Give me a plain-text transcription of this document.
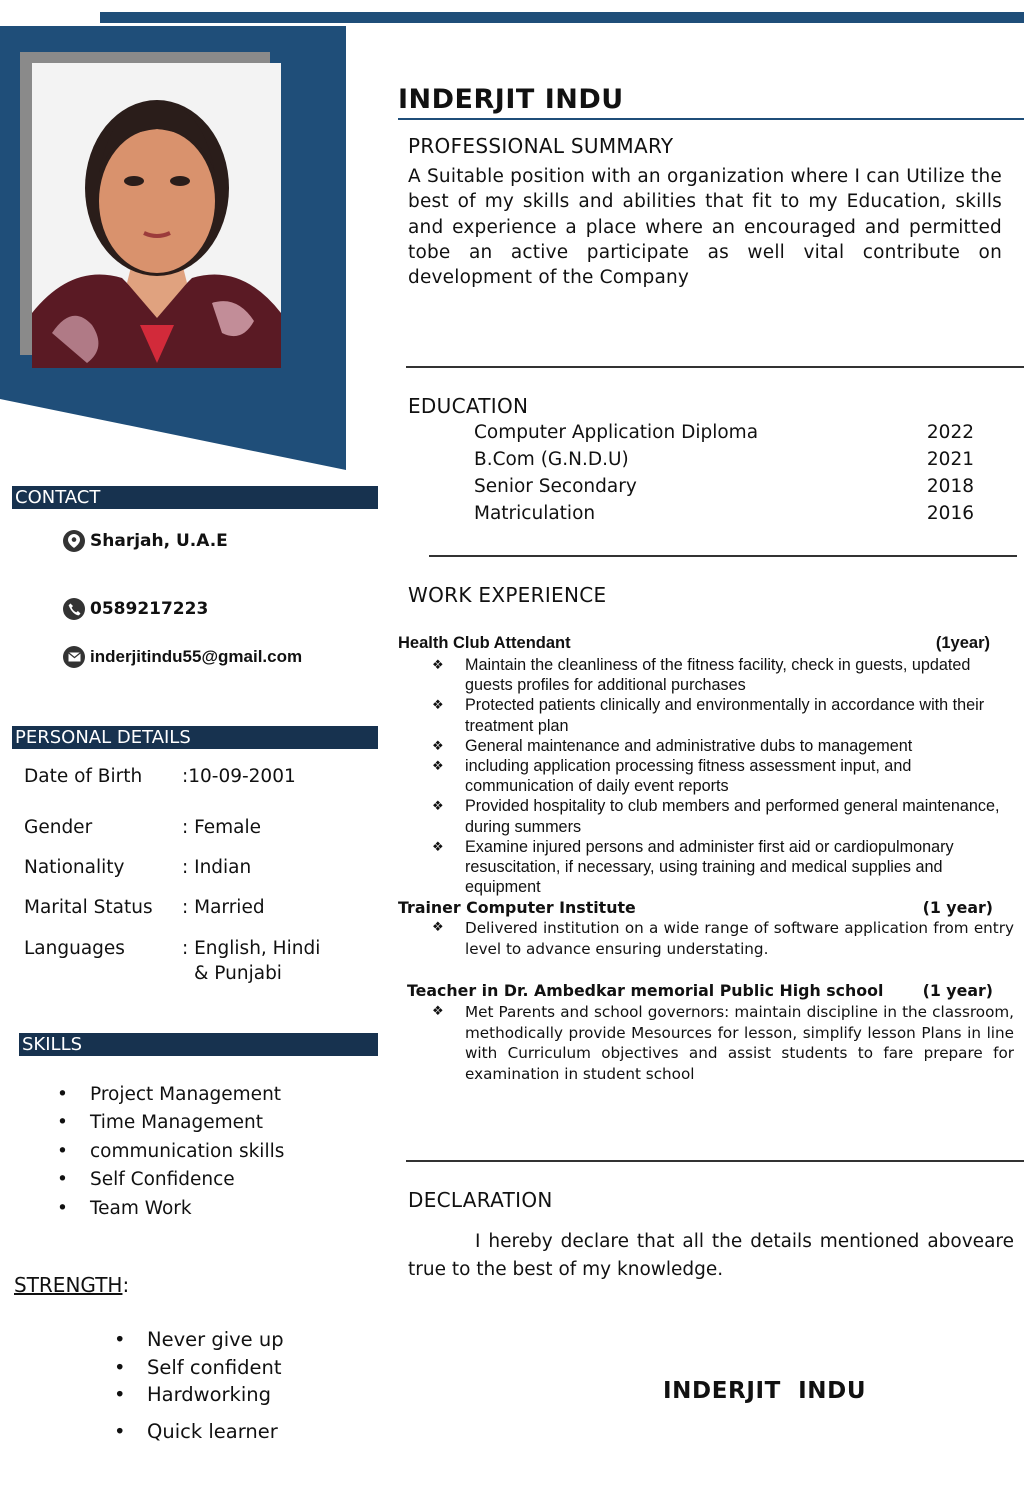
INDERJIT INDU
PROFESSIONAL SUMMARY
A Suitable position with an organization where I can Utilize the best of my skills and abilities that fit to my Education, skills and experience a place where an encouraged and permitted tobe an active participate as well vital contribute on development of the Company
EDUCATION
Computer Application Diploma	2022
B.Com (G.N.D.U)	2021
Senior Secondary	2018
Matriculation	2016
WORK EXPERIENCE
Health Club Attendant	(1year)
❖ Maintain the cleanliness of the fitness facility, check in guests, updated guests profiles for additional purchases
❖ Protected patients clinically and environmentally in accordance with their treatment plan
❖ General maintenance and administrative dubs to management
❖ including application processing fitness assessment input, and communication of daily event reports
❖ Provided hospitality to club members and performed general maintenance, during summers
❖ Examine injured persons and administer first aid or cardiopulmonary resuscitation, if necessary, using training and medical supplies and equipment
Trainer Computer Institute	(1 year)
❖ Delivered institution on a wide range of software application from entry level to advance ensuring understating.
Teacher in Dr. Ambedkar memorial Public High school (1 year)
❖ Met Parents and school governors: maintain discipline in the classroom, methodically provide Mesources for lesson, simplify lesson Plans in line with Curriculum objectives and assist students to fare prepare for examination in student school
DECLARATION
I hereby declare that all the details mentioned aboveare true to the best of my knowledge.
INDERJIT  INDU
CONTACT
Sharjah, U.A.E
0589217223
inderjitindu55@gmail.com
PERSONAL DETAILS
Date of Birth :10-09-2001
Gender	: Female
Nationality	: Indian
Marital Status : Married
Languages	: English, Hindi
& Punjabi
SKILLS
• Project Management
• Time Management
• communication skills
• Self Confidence
• Team Work
STRENGTH:
• Never give up
• Self confident
• Hardworking
• Quick learner
